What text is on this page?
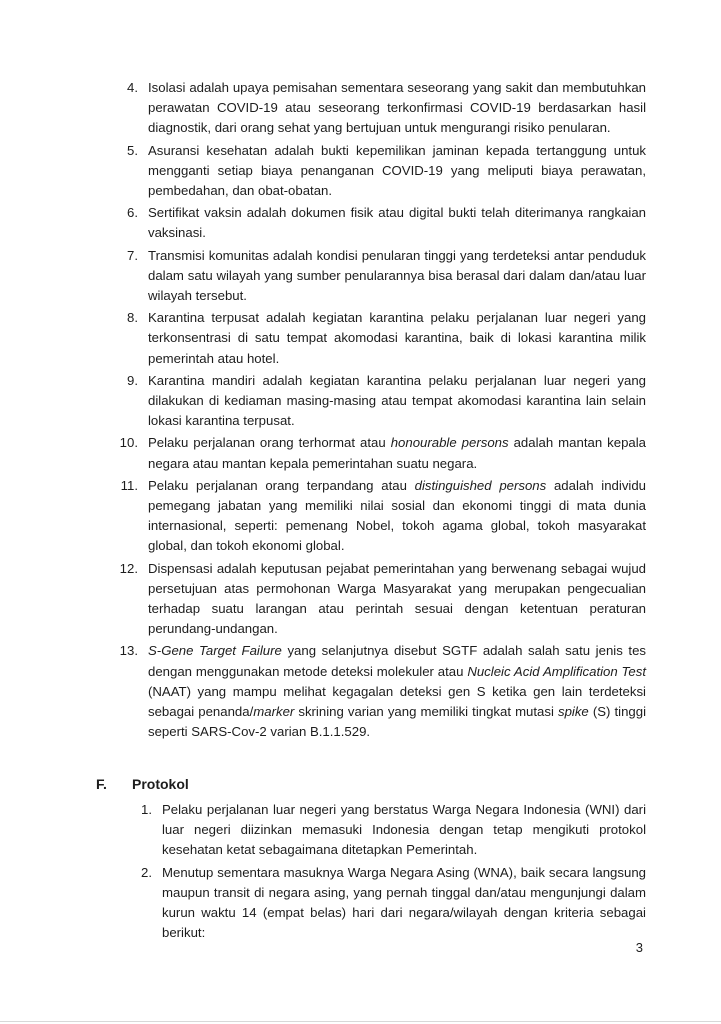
4. Isolasi adalah upaya pemisahan sementara seseorang yang sakit dan membutuhkan perawatan COVID-19 atau seseorang terkonfirmasi COVID-19 berdasarkan hasil diagnostik, dari orang sehat yang bertujuan untuk mengurangi risiko penularan.
5. Asuransi kesehatan adalah bukti kepemilikan jaminan kepada tertanggung untuk mengganti setiap biaya penanganan COVID-19 yang meliputi biaya perawatan, pembedahan, dan obat-obatan.
6. Sertifikat vaksin adalah dokumen fisik atau digital bukti telah diterimanya rangkaian vaksinasi.
7. Transmisi komunitas adalah kondisi penularan tinggi yang terdeteksi antar penduduk dalam satu wilayah yang sumber penularannya bisa berasal dari dalam dan/atau luar wilayah tersebut.
8. Karantina terpusat adalah kegiatan karantina pelaku perjalanan luar negeri yang terkonsentrasi di satu tempat akomodasi karantina, baik di lokasi karantina milik pemerintah atau hotel.
9. Karantina mandiri adalah kegiatan karantina pelaku perjalanan luar negeri yang dilakukan di kediaman masing-masing atau tempat akomodasi karantina lain selain lokasi karantina terpusat.
10. Pelaku perjalanan orang terhormat atau honourable persons adalah mantan kepala negara atau mantan kepala pemerintahan suatu negara.
11. Pelaku perjalanan orang terpandang atau distinguished persons adalah individu pemegang jabatan yang memiliki nilai sosial dan ekonomi tinggi di mata dunia internasional, seperti: pemenang Nobel, tokoh agama global, tokoh masyarakat global, dan tokoh ekonomi global.
12. Dispensasi adalah keputusan pejabat pemerintahan yang berwenang sebagai wujud persetujuan atas permohonan Warga Masyarakat yang merupakan pengecualian terhadap suatu larangan atau perintah sesuai dengan ketentuan peraturan perundang-undangan.
13. S-Gene Target Failure yang selanjutnya disebut SGTF adalah salah satu jenis tes dengan menggunakan metode deteksi molekuler atau Nucleic Acid Amplification Test (NAAT) yang mampu melihat kegagalan deteksi gen S ketika gen lain terdeteksi sebagai penanda/marker skrining varian yang memiliki tingkat mutasi spike (S) tinggi seperti SARS-Cov-2 varian B.1.1.529.
F.	Protokol
1. Pelaku perjalanan luar negeri yang berstatus Warga Negara Indonesia (WNI) dari luar negeri diizinkan memasuki Indonesia dengan tetap mengikuti protokol kesehatan ketat sebagaimana ditetapkan Pemerintah.
2. Menutup sementara masuknya Warga Negara Asing (WNA), baik secara langsung maupun transit di negara asing, yang pernah tinggal dan/atau mengunjungi dalam kurun waktu 14 (empat belas) hari dari negara/wilayah dengan kriteria sebagai berikut:
3
